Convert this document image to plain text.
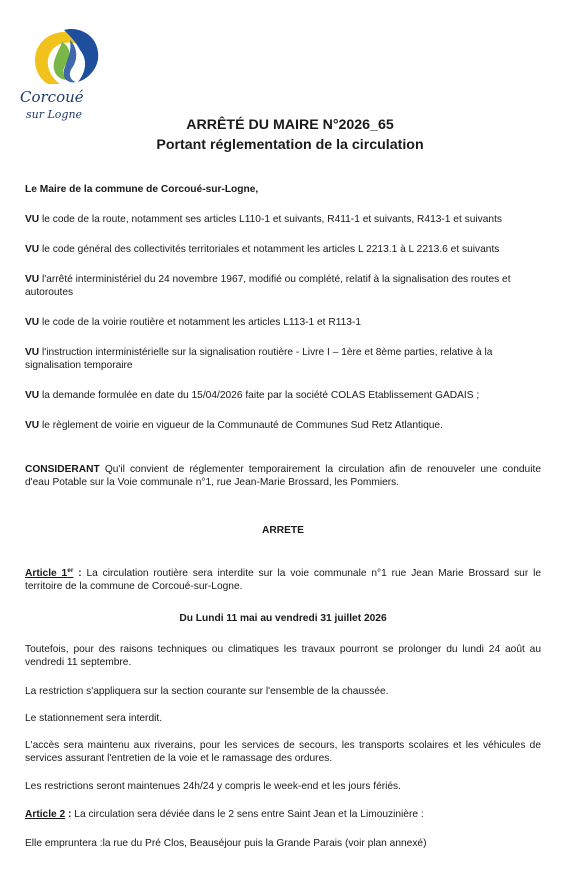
Corcoué
sur Logne
ARRÊTÉ DU MAIRE N°2026_65
Portant réglementation de la circulation

Le Maire de la commune de Corcoué-sur-Logne,

VU le code de la route, notamment ses articles L110-1 et suivants, R411-1 et suivants, R413-1 et suivants

VU le code général des collectivités territoriales et notamment les articles L 2213.1 à L 2213.6 et suivants

VU l'arrêté interministériel du 24 novembre 1967, modifié ou complété, relatif à la signalisation des routes et autoroutes

VU le code de la voirie routière et notamment les articles L113-1 et R113-1

VU l'instruction interministérielle sur la signalisation routière - Livre I – 1ère et 8ème parties, relative à la signalisation temporaire

VU la demande formulée en date du 15/04/2026 faite par la société COLAS Etablissement GADAIS ;

VU le règlement de voirie en vigueur de la Communauté de Communes Sud Retz Atlantique.

CONSIDERANT Qu'il convient de réglementer temporairement la circulation afin de renouveler une conduite d'eau Potable sur la Voie communale n°1, rue Jean-Marie Brossard, les Pommiers.

ARRETE

Article 1er : La circulation routière sera interdite sur la voie communale n°1 rue Jean Marie Brossard sur le territoire de la commune de Corcoué-sur-Logne.

Du Lundi 11 mai au vendredi 31 juillet 2026

Toutefois, pour des raisons techniques ou climatiques les travaux pourront se prolonger du lundi 24 août au vendredi 11 septembre.

La restriction s'appliquera sur la section courante sur l'ensemble de la chaussée.

Le stationnement sera interdit.

L'accès sera maintenu aux riverains, pour les services de secours, les transports scolaires et les véhicules de services assurant l'entretien de la voie et le ramassage des ordures.

Les restrictions seront maintenues 24h/24 y compris le week-end et les jours fériés.

Article 2 : La circulation sera déviée dans le 2 sens entre Saint Jean et la Limouzinière :

Elle empruntera :la rue du Pré Clos, Beauséjour puis la Grande Parais (voir plan annexé)
